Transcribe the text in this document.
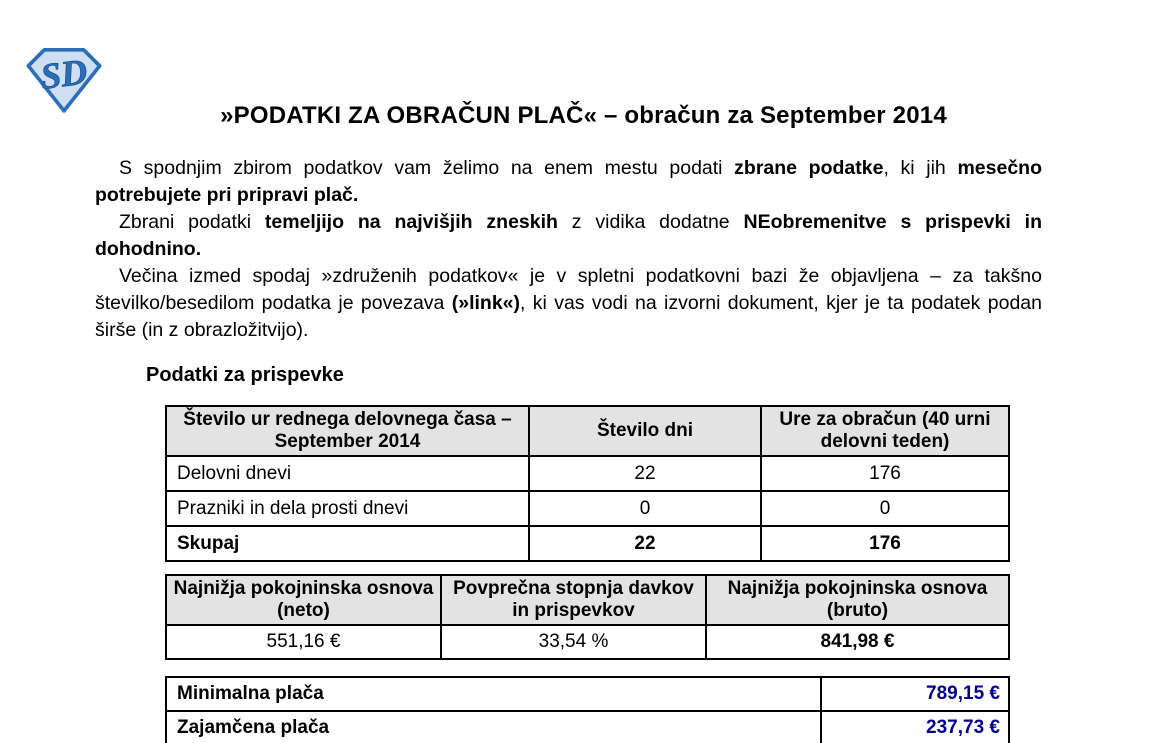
SD
»PODATKI ZA OBRAČUN PLAČ« – obračun za September 2014

S spodnjim zbirom podatkov vam želimo na enem mestu podati zbrane podatke, ki jih mesečno potrebujete pri pripravi plač.

Zbrani podatki temeljijo na najvišjih zneskih z vidika dodatne NEobremenitve s prispevki in dohodnino.

Večina izmed spodaj »združenih podatkov« je v spletni podatkovni bazi že objavljena – za takšno številko/besedilom podatka je povezava (»link«), ki vas vodi na izvorni dokument, kjer je ta podatek podan širše (in z obrazložitvijo).

Podatki za prispevke
Število ur rednega delovnega časa – September 2014	Število dni	Ure za obračun (40 urni delovni teden)
Delovni dnevi	22	176
Prazniki in dela prosti dnevi	0	0
Skupaj	22	176
Najnižja pokojninska osnova (neto)	Povprečna stopnja davkov in prispevkov	Najnižja pokojninska osnova (bruto)
551,16 €	33,54 %	841,98 €
Minimalna plača	789,15 €
Zajamčena plača	237,73 €
